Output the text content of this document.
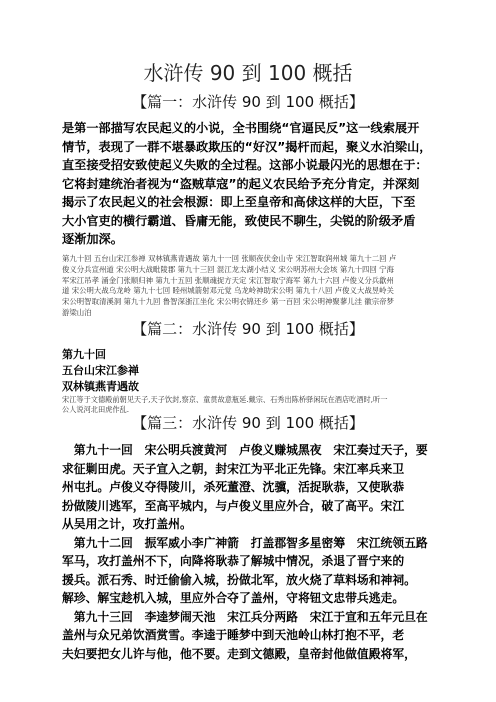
水浒传 90 到 100 概括
【篇一：水浒传 90 到 100 概括】
是第一部描写农民起义的小说，全书围绕“官逼民反”这一线索展开
情节，表现了一群不堪暴政欺压的“好汉”揭杆而起，聚义水泊梁山，
直至接受招安致使起义失败的全过程。这部小说最闪光的思想在于：
它将封建统治者视为“盗贼草寇”的起义农民给予充分肯定，并深刻
揭示了农民起义的社会根源：即上至皇帝和高俅这样的大臣，下至
大小官吏的横行霸道、昏庸无能，致使民不聊生，尖锐的阶级矛盾
逐渐加深。
第九十回 五台山宋江参禅 双林镇燕青遇故 第九十一回 张顺夜伏金山寺 宋江智取润州城 第九十二回 卢
俊义分兵宣州道 宋公明大战毗陵郡 第九十三回 混江龙太湖小结义 宋公明苏州大会垓 第九十四回 宁海
军宋江吊孝 涌金门张顺归神 第九十五回 张顺魂捉方天定 宋江智取宁海军 第九十六回 卢俊义分兵歙州
道 宋公明大战乌龙岭 第九十七回 睦州城箭射邓元觉 乌龙岭神助宋公明 第九十八回 卢俊义大战昱岭关
宋公明智取清溪洞 第九十九回 鲁智深浙江坐化 宋公明衣锦还乡 第一百回 宋公明神聚蓼儿洼 徽宗帝梦
游梁山泊
【篇二：水浒传 90 到 100 概括】
第九十回
五台山宋江参禅
双林镇燕青遇故
宋江等于文德殿前朝见天子,天子饮封,察京、童贯故意瓶延.戴宗、石秀出陈桥驿闲玩在酒店吃酒时,听一
公人说河北田虎作乱.
【篇三：水浒传 90 到 100 概括】
　第九十一回　宋公明兵渡黄河　卢俊义赚城黑夜　宋江奏过天子，要
求征剿田虎。天子宣入之朝，封宋江为平北正先锋。宋江率兵来卫
州屯扎。卢俊义夺得陵川，杀死董澄、沈骥，活捉耿恭，又使耿恭
扮做陵川逃军，至高平城内，与卢俊义里应外合，破了高平。宋江
从吴用之计，攻打盖州。
　第九十二回　振军威小李广神箭　打盖郡智多星密筹　宋江统领五路
军马，攻打盖州不下，向降将耿恭了解城中情况，杀退了晋宁来的
援兵。派石秀、时迁偷偷入城，扮做北军，放火烧了草料场和神祠。
解珍、解宝趁机入城，里应外合夺了盖州，守将钮文忠带兵逃走。
　第九十三回　李逵梦闹天池　宋江兵分两路　宋江于宣和五年元旦在
盖州与众兄弟饮酒赏雪。李逵于睡梦中到天池岭山林打抱不平，老
夫妇要把女儿许与他，他不要。走到文德殿，皇帝封他做值殿将军，
